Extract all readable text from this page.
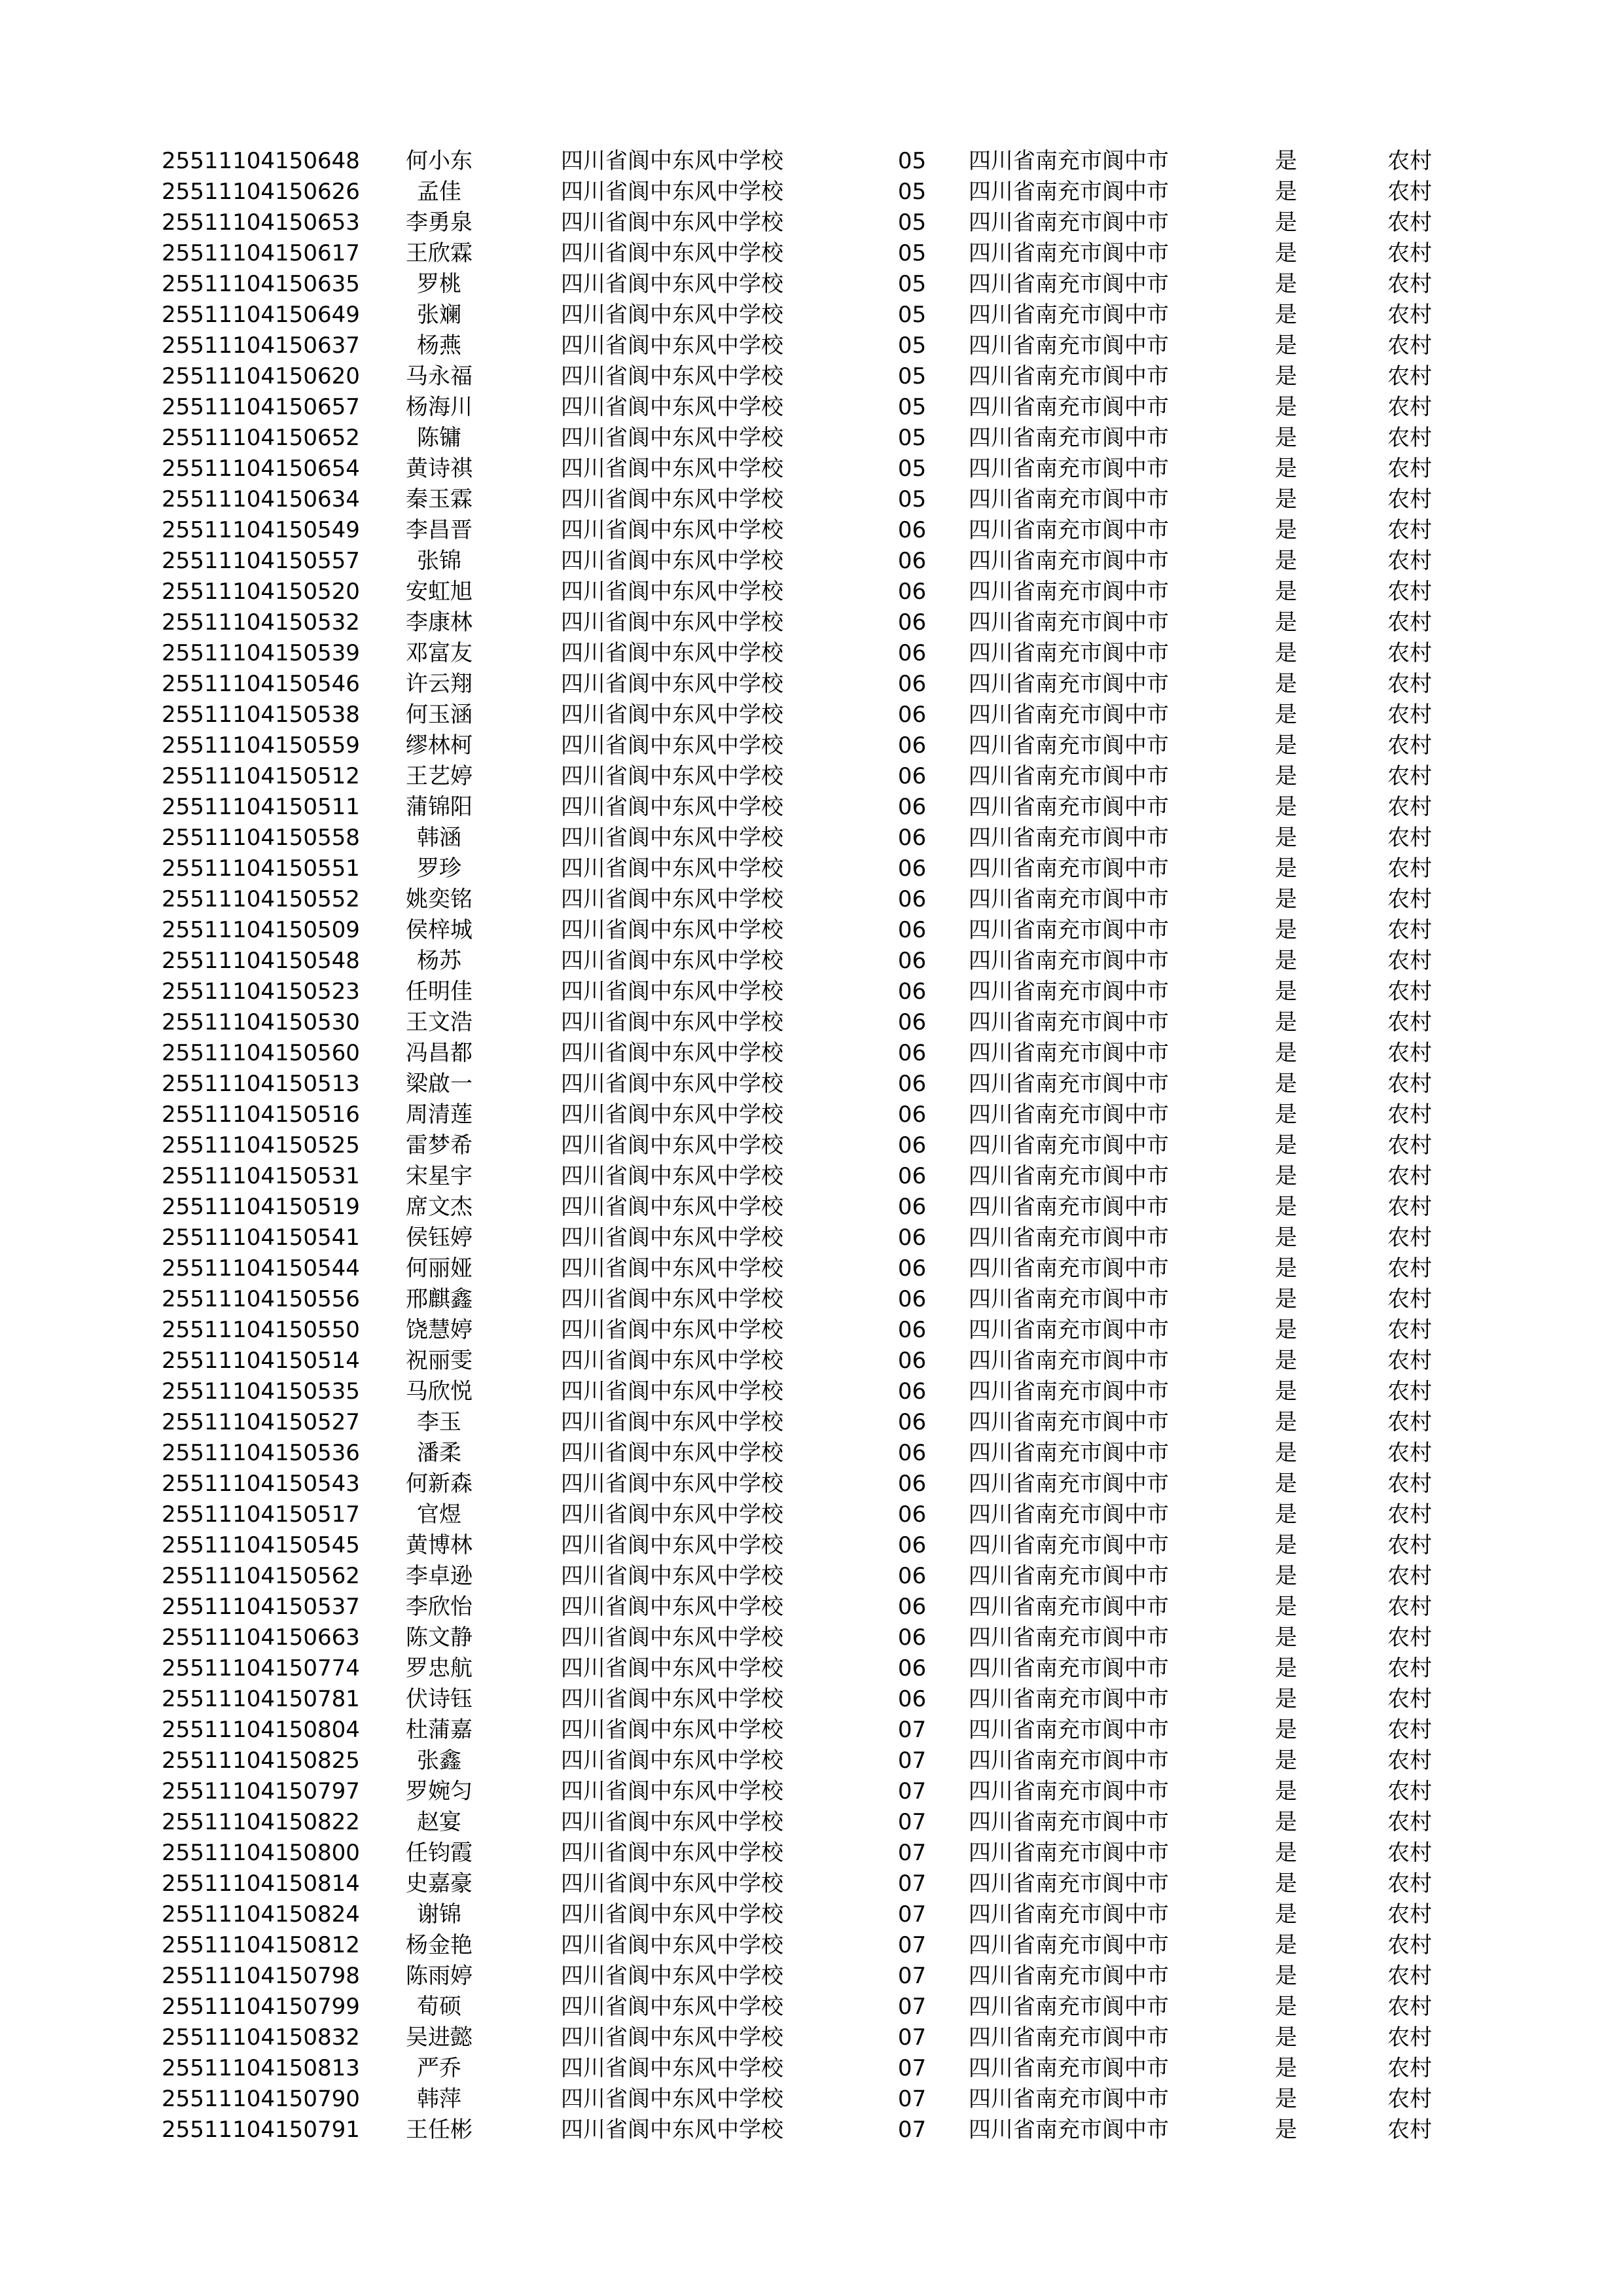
25511104150648	何小东	四川省阆中东风中学校	05 四川省南充市阆中市	是	农村
25511104150626	孟佳	四川省阆中东风中学校	05 四川省南充市阆中市	是	农村
25511104150653	李勇泉	四川省阆中东风中学校	05 四川省南充市阆中市	是	农村
25511104150617	王欣霖	四川省阆中东风中学校	05 四川省南充市阆中市	是	农村
25511104150635	罗桃	四川省阆中东风中学校	05 四川省南充市阆中市	是	农村
25511104150649	张斓	四川省阆中东风中学校	05 四川省南充市阆中市	是	农村
25511104150637	杨燕	四川省阆中东风中学校	05 四川省南充市阆中市	是	农村
25511104150620	马永福	四川省阆中东风中学校	05 四川省南充市阆中市	是	农村
25511104150657	杨海川	四川省阆中东风中学校	05 四川省南充市阆中市	是	农村
25511104150652	陈镛	四川省阆中东风中学校	05 四川省南充市阆中市	是	农村
25511104150654	黄诗祺	四川省阆中东风中学校	05 四川省南充市阆中市	是	农村
25511104150634	秦玉霖	四川省阆中东风中学校	05 四川省南充市阆中市	是	农村
25511104150549	李昌晋	四川省阆中东风中学校	06 四川省南充市阆中市	是	农村
25511104150557	张锦	四川省阆中东风中学校	06 四川省南充市阆中市	是	农村
25511104150520	安虹旭	四川省阆中东风中学校	06 四川省南充市阆中市	是	农村
25511104150532	李康林	四川省阆中东风中学校	06 四川省南充市阆中市	是	农村
25511104150539	邓富友	四川省阆中东风中学校	06 四川省南充市阆中市	是	农村
25511104150546	许云翔	四川省阆中东风中学校	06 四川省南充市阆中市	是	农村
25511104150538	何玉涵	四川省阆中东风中学校	06 四川省南充市阆中市	是	农村
25511104150559	缪林柯	四川省阆中东风中学校	06 四川省南充市阆中市	是	农村
25511104150512	王艺婷	四川省阆中东风中学校	06 四川省南充市阆中市	是	农村
25511104150511	蒲锦阳	四川省阆中东风中学校	06 四川省南充市阆中市	是	农村
25511104150558	韩涵	四川省阆中东风中学校	06 四川省南充市阆中市	是	农村
25511104150551	罗珍	四川省阆中东风中学校	06 四川省南充市阆中市	是	农村
25511104150552	姚奕铭	四川省阆中东风中学校	06 四川省南充市阆中市	是	农村
25511104150509	侯梓城	四川省阆中东风中学校	06 四川省南充市阆中市	是	农村
25511104150548	杨苏	四川省阆中东风中学校	06 四川省南充市阆中市	是	农村
25511104150523	任明佳	四川省阆中东风中学校	06 四川省南充市阆中市	是	农村
25511104150530	王文浩	四川省阆中东风中学校	06 四川省南充市阆中市	是	农村
25511104150560	冯昌都	四川省阆中东风中学校	06 四川省南充市阆中市	是	农村
25511104150513	梁啟一	四川省阆中东风中学校	06 四川省南充市阆中市	是	农村
25511104150516	周清莲	四川省阆中东风中学校	06 四川省南充市阆中市	是	农村
25511104150525	雷梦希	四川省阆中东风中学校	06 四川省南充市阆中市	是	农村
25511104150531	宋星宇	四川省阆中东风中学校	06 四川省南充市阆中市	是	农村
25511104150519	席文杰	四川省阆中东风中学校	06 四川省南充市阆中市	是	农村
25511104150541	侯钰婷	四川省阆中东风中学校	06 四川省南充市阆中市	是	农村
25511104150544	何丽娅	四川省阆中东风中学校	06 四川省南充市阆中市	是	农村
25511104150556	邢麒鑫	四川省阆中东风中学校	06 四川省南充市阆中市	是	农村
25511104150550	饶慧婷	四川省阆中东风中学校	06 四川省南充市阆中市	是	农村
25511104150514	祝丽雯	四川省阆中东风中学校	06 四川省南充市阆中市	是	农村
25511104150535	马欣悦	四川省阆中东风中学校	06 四川省南充市阆中市	是	农村
25511104150527	李玉	四川省阆中东风中学校	06 四川省南充市阆中市	是	农村
25511104150536	潘柔	四川省阆中东风中学校	06 四川省南充市阆中市	是	农村
25511104150543	何新森	四川省阆中东风中学校	06 四川省南充市阆中市	是	农村
25511104150517	官煜	四川省阆中东风中学校	06 四川省南充市阆中市	是	农村
25511104150545	黄博林	四川省阆中东风中学校	06 四川省南充市阆中市	是	农村
25511104150562	李卓逊	四川省阆中东风中学校	06 四川省南充市阆中市	是	农村
25511104150537	李欣怡	四川省阆中东风中学校	06 四川省南充市阆中市	是	农村
25511104150663	陈文静	四川省阆中东风中学校	06 四川省南充市阆中市	是	农村
25511104150774	罗忠航	四川省阆中东风中学校	06 四川省南充市阆中市	是	农村
25511104150781	伏诗钰	四川省阆中东风中学校	06 四川省南充市阆中市	是	农村
25511104150804	杜蒲嘉	四川省阆中东风中学校	07 四川省南充市阆中市	是	农村
25511104150825	张鑫	四川省阆中东风中学校	07 四川省南充市阆中市	是	农村
25511104150797	罗婉匀	四川省阆中东风中学校	07 四川省南充市阆中市	是	农村
25511104150822	赵宴	四川省阆中东风中学校	07 四川省南充市阆中市	是	农村
25511104150800	任钧霞	四川省阆中东风中学校	07 四川省南充市阆中市	是	农村
25511104150814	史嘉豪	四川省阆中东风中学校	07 四川省南充市阆中市	是	农村
25511104150824	谢锦	四川省阆中东风中学校	07 四川省南充市阆中市	是	农村
25511104150812	杨金艳	四川省阆中东风中学校	07 四川省南充市阆中市	是	农村
25511104150798	陈雨婷	四川省阆中东风中学校	07 四川省南充市阆中市	是	农村
25511104150799	荀硕	四川省阆中东风中学校	07 四川省南充市阆中市	是	农村
25511104150832	吴进懿	四川省阆中东风中学校	07 四川省南充市阆中市	是	农村
25511104150813	严乔	四川省阆中东风中学校	07 四川省南充市阆中市	是	农村
25511104150790	韩萍	四川省阆中东风中学校	07 四川省南充市阆中市	是	农村
25511104150791	王任彬	四川省阆中东风中学校	07 四川省南充市阆中市	是	农村
